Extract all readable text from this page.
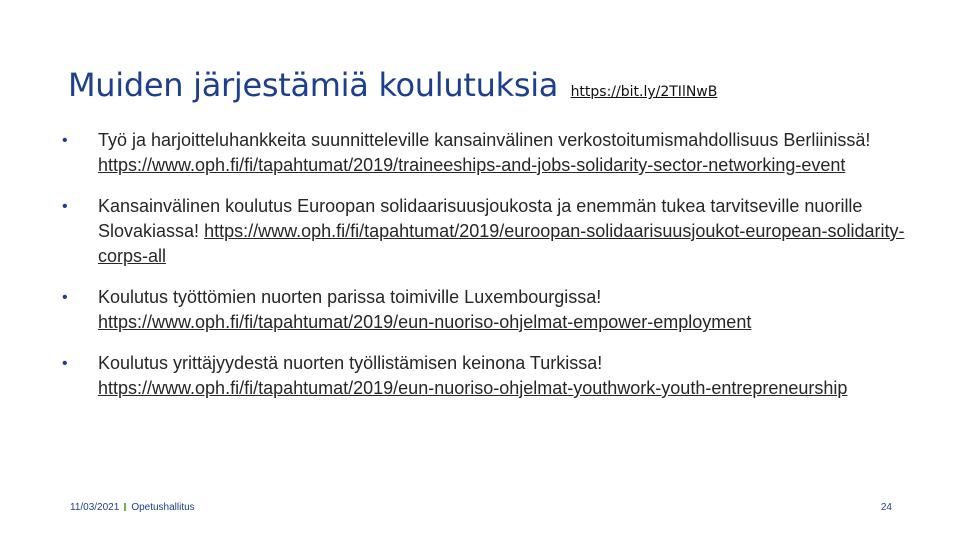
Muiden järjestämiä koulutuksia https://bit.ly/2TIlNwB
•	Työ ja harjoitteluhankkeita suunnitteleville kansainvälinen verkostoitumismahdollisuus Berliinissä! https://www.oph.fi/fi/tapahtumat/2019/traineeships-and-jobs-solidarity-sector-networking-event
•	Kansainvälinen koulutus Euroopan solidaarisuusjoukosta ja enemmän tukea tarvitseville nuorille Slovakiassa! https://www.oph.fi/fi/tapahtumat/2019/euroopan-solidaarisuusjoukot-european-solidarity-corps-all
•	Koulutus työttömien nuorten parissa toimiville Luxembourgissa! https://www.oph.fi/fi/tapahtumat/2019/eun-nuoriso-ohjelmat-empower-employment
•	Koulutus yrittäjyydestä nuorten työllistämisen keinona Turkissa! https://www.oph.fi/fi/tapahtumat/2019/eun-nuoriso-ohjelmat-youthwork-youth-entrepreneurship
11/03/2021 Opetushallitus	24
